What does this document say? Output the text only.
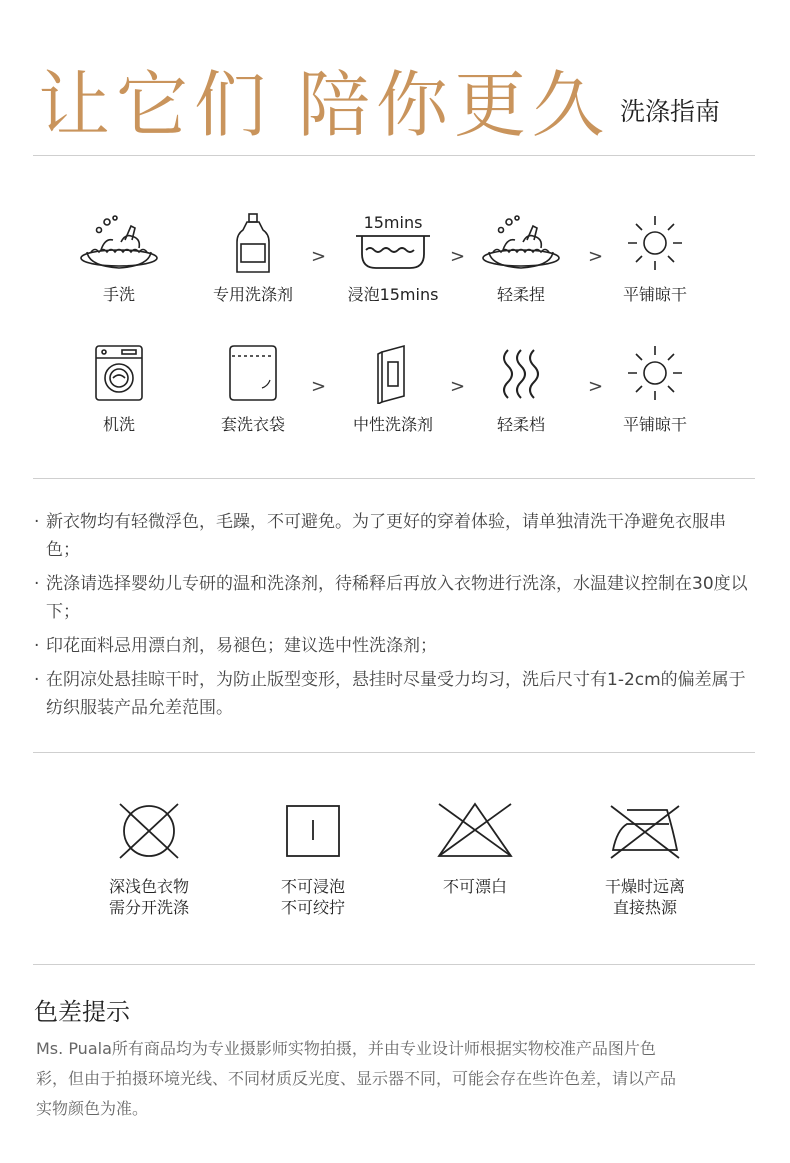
让它们 陪你更久 洗涤指南
手洗	专用洗涤剂
>
15mins
浸泡15mins
>
轻柔捏
>
平铺晾干
机洗	套洗衣袋
>
中性洗涤剂
>
轻柔档
>
平铺晾干
· 新衣物均有轻微浮色，毛躁，不可避免。为了更好的穿着体验，请单独清洗干净避免衣服串色；
· 洗涤请选择婴幼儿专研的温和洗涤剂，待稀释后再放入衣物进行洗涤，水温建议控制在30度以下；
· 印花面料忌用漂白剂，易褪色；建议选中性洗涤剂；
· 在阴凉处悬挂晾干时，为防止版型变形，悬挂时尽量受力均习，洗后尺寸有1-2cm的偏差属于纺织服装产品允差范围。
深浅色衣物
需分开洗涤
不可浸泡
不可绞拧
不可漂白	干燥时远离
直接热源
色差提示
Ms. Puala所有商品均为专业摄影师实物拍摄，并由专业设计师根据实物校准产品图片色彩，但由于拍摄环境光线、不同材质反光度、显示器不同，可能会存在些许色差，请以产品实物颜色为准。
